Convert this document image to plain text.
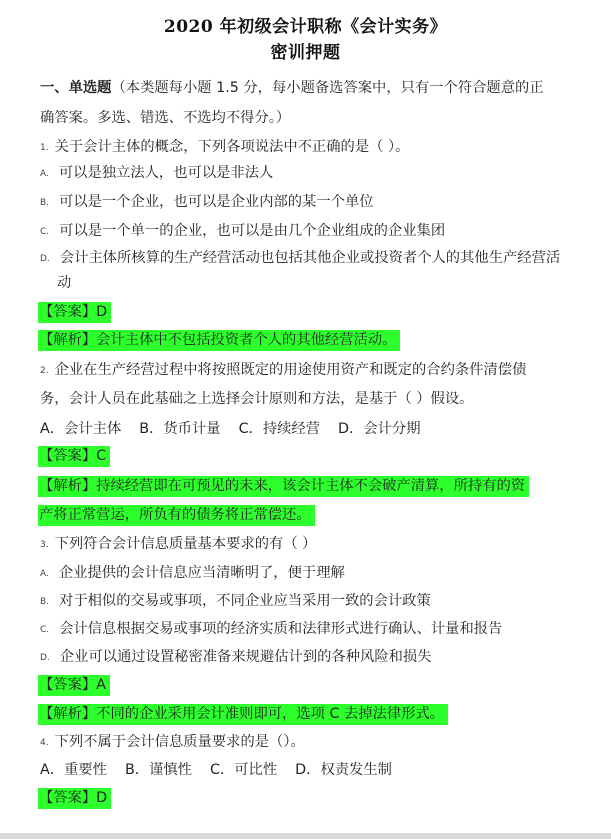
2020 年初级会计职称《会计实务》
密训押题
一、单选题（本类题每小题 1.5 分，每小题备选答案中，只有一个符合题意的正
确答案。多选、错选、不选均不得分。）
1. 关于会计主体的概念，下列各项说法中不正确的是（ ）。
A. 可以是独立法人，也可以是非法人
B. 可以是一个企业，也可以是企业内部的某一个单位
C. 可以是一个单一的企业，也可以是由几个企业组成的企业集团
D. 会计主体所核算的生产经营活动也包括其他企业或投资者个人的其他生产经营活
动
【答案】D
【解析】会计主体中不包括投资者个人的其他经营活动。
2. 企业在生产经营过程中将按照既定的用途使用资产和既定的合约条件清偿债
务，会计人员在此基础之上选择会计原则和方法，是基于（ ）假设。
A．会计主体 B．货币计量 C．持续经营 D．会计分期
【答案】C
【解析】持续经营即在可预见的未来，该会计主体不会破产清算，所持有的资
产将正常营运，所负有的债务将正常偿还。
3. 下列符合会计信息质量基本要求的有（ ）
A. 企业提供的会计信息应当清晰明了，便于理解
B. 对于相似的交易或事项，不同企业应当采用一致的会计政策
C. 会计信息根据交易或事项的经济实质和法律形式进行确认、计量和报告
D. 企业可以通过设置秘密准备来规避估计到的各种风险和损失
【答案】A
【解析】不同的企业采用会计准则即可，选项 C 去掉法律形式。
4. 下列不属于会计信息质量要求的是（）。
A．重要性 B．谨慎性 C．可比性 D．权责发生制
【答案】D
